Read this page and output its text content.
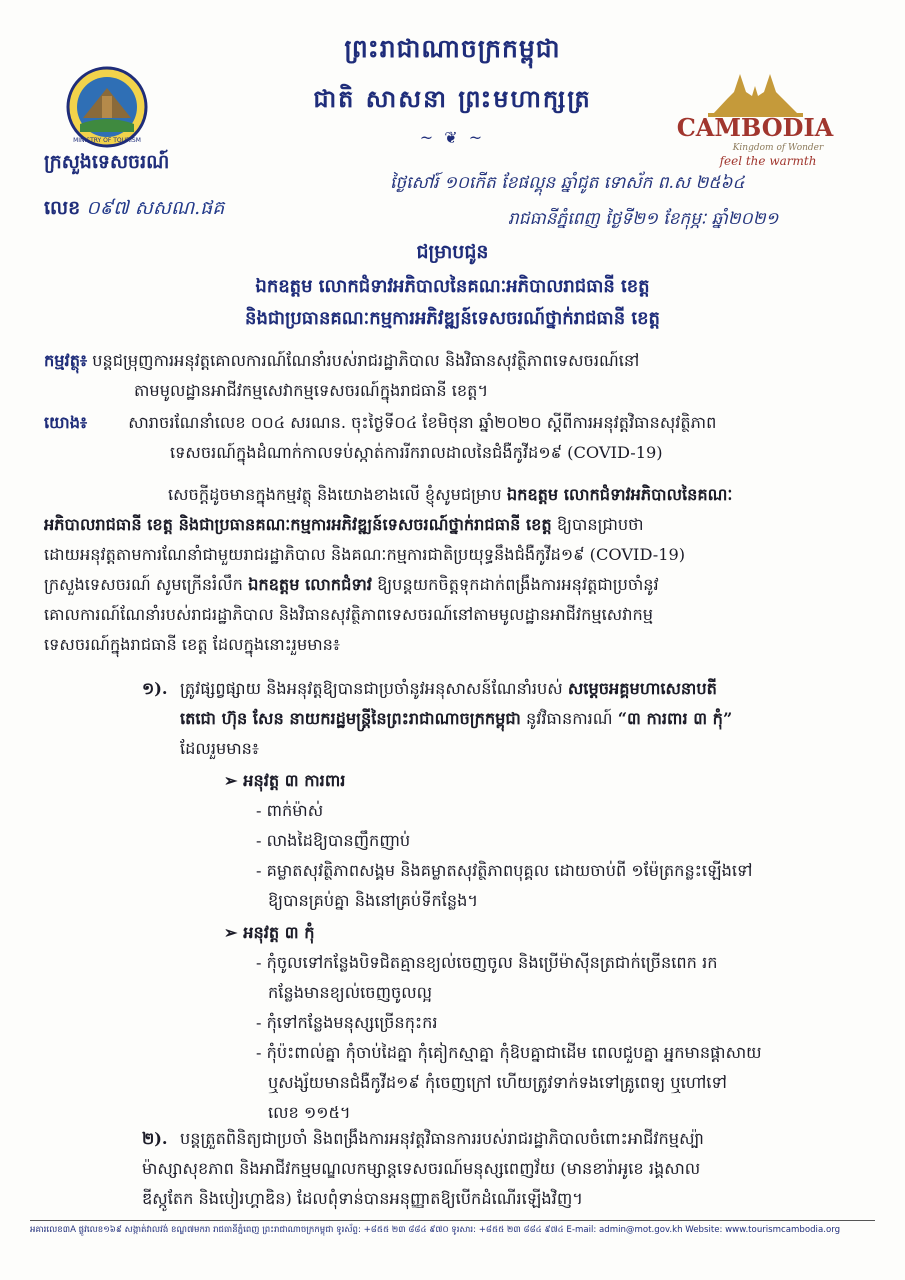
ព្រះរាជាណាចក្រកម្ពុជា
ជាតិ សាសនា ព្រះមហាក្សត្រ
~ ❦ ~
MINISTRY OF TOURISM
ក្រសួងទេសចរណ៍
លេខ ០៩៧ សសណ.ផគ
CAMBODIA
Kingdom of Wonder
feel the warmth
ថ្ងៃសៅរ៍ ១០កើត ខែផល្គុន ឆ្នាំជូត ទោស័ក ព.ស ២៥៦៤
រាជធានីភ្នំពេញ ថ្ងៃទី២១ ខែកុម្ភៈ ឆ្នាំ២០២១
ជម្រាបជូន
ឯកឧត្តម លោកជំទាវអភិបាលនៃគណៈអភិបាលរាជធានី ខេត្ត
និងជាប្រធានគណៈកម្មការអភិវឌ្ឍន៍ទេសចរណ៍ថ្នាក់រាជធានី ខេត្ត
កម្មវត្ថុ៖ បន្តជម្រុញការអនុវត្តគោលការណ៍ណែនាំរបស់រាជរដ្ឋាភិបាល និងវិធានសុវត្ថិភាពទេសចរណ៍នៅ
តាមមូលដ្ឋានអាជីវកម្មសេវាកម្មទេសចរណ៍ក្នុងរាជធានី ខេត្ត។
យោង៖	សារាចរណែនាំលេខ ០០៤ សរណន. ចុះថ្ងៃទី០៤ ខែមិថុនា ឆ្នាំ២០២០ ស្តីពីការអនុវត្តវិធានសុវត្ថិភាព
ទេសចរណ៍ក្នុងដំណាក់កាលទប់ស្កាត់ការរីករាលដាលនៃជំងឺកូវីដ១៩ (COVID-19)
សេចក្តីដូចមានក្នុងកម្មវត្ថុ និងយោងខាងលើ ខ្ញុំសូមជម្រាប ឯកឧត្តម លោកជំទាវអភិបាលនៃគណៈ
អភិបាលរាជធានី ខេត្ត និងជាប្រធានគណៈកម្មការអភិវឌ្ឍន៍ទេសចរណ៍ថ្នាក់រាជធានី ខេត្ត ឱ្យបានជ្រាបថា
ដោយអនុវត្តតាមការណែនាំជាមួយរាជរដ្ឋាភិបាល និងគណៈកម្មការជាតិប្រយុទ្ធនឹងជំងឺកូវីដ១៩ (COVID-19)
ក្រសួងទេសចរណ៍ សូមក្រើនរំលឹក ឯកឧត្តម លោកជំទាវ ឱ្យបន្តយកចិត្តទុកដាក់ពង្រឹងការអនុវត្តជាប្រចាំនូវ
គោលការណ៍ណែនាំរបស់រាជរដ្ឋាភិបាល និងវិធានសុវត្ថិភាពទេសចរណ៍នៅតាមមូលដ្ឋានអាជីវកម្មសេវាកម្ម
ទេសចរណ៍ក្នុងរាជធានី ខេត្ត ដែលក្នុងនោះរួមមាន៖
១). ត្រូវផ្សព្វផ្សាយ និងអនុវត្តឱ្យបានជាប្រចាំនូវអនុសាសន៍ណែនាំរបស់ សម្តេចអគ្គមហាសេនាបតី
តេជោ ហ៊ុន សែន នាយករដ្ឋមន្ត្រីនៃព្រះរាជាណាចក្រកម្ពុជា នូវវិធានការណ៍ “៣ ការពារ ៣ កុំ”
ដែលរួមមាន៖
➢ អនុវត្ត ៣ ការពារ
- ពាក់ម៉ាស់
- លាងដៃឱ្យបានញឹកញាប់
- គម្លាតសុវត្ថិភាពសង្គម និងគម្លាតសុវត្ថិភាពបុគ្គល ដោយចាប់ពី ១ម៉ែត្រកន្លះឡើងទៅ
ឱ្យបានគ្រប់គ្នា និងនៅគ្រប់ទីកន្លែង។
➢ អនុវត្ត ៣ កុំ
- កុំចូលទៅកន្លែងបិទជិតគ្មានខ្យល់ចេញចូល និងប្រើម៉ាស៊ីនត្រជាក់ច្រើនពេក រក
កន្លែងមានខ្យល់ចេញចូលល្អ
- កុំទៅកន្លែងមនុស្សច្រើនកុះករ
- កុំប៉ះពាល់គ្នា កុំចាប់ដៃគ្នា កុំគៀកស្មាគ្នា កុំឱបគ្នាជាដើម ពេលជួបគ្នា អ្នកមានផ្តាសាយ
ឬសង្ស័យមានជំងឺកូវីដ១៩ កុំចេញក្រៅ ហើយត្រូវទាក់ទងទៅគ្រូពេទ្យ ឬហៅទៅ
លេខ ១១៥។
២). បន្តត្រួតពិនិត្យជាប្រចាំ និងពង្រឹងការអនុវត្តវិធានការរបស់រាជរដ្ឋាភិបាលចំពោះអាជីវកម្មស្ប៉ា
ម៉ាស្សាសុខភាព និងអាជីវកម្មមណ្ឌលកម្សាន្តទេសចរណ៍មនុស្សពេញវ័យ (មានខារ៉ាអូខេ រង្គសាល
ឌីស្កូតែក និងបៀរហ្គាឌិន) ដែលពុំទាន់បានអនុញ្ញាតឱ្យបើកដំណើរឡើងវិញ។
អគារលេខ៣A ផ្លូវលេខ១៦៩ សង្កាត់វាលវង់ ខណ្ឌ៧មករា រាជធានីភ្នំពេញ ព្រះរាជាណាចក្រកម្ពុជា ទូរស័ព្ទ: +៨៥៥ ២៣ ៨៨៤ ៩៧០ ទូរសារ: +៨៥៥ ២៣ ៨៨៤ ៩៧៤ E-mail: admin@mot.gov.kh Website: www.tourismcambodia.org
